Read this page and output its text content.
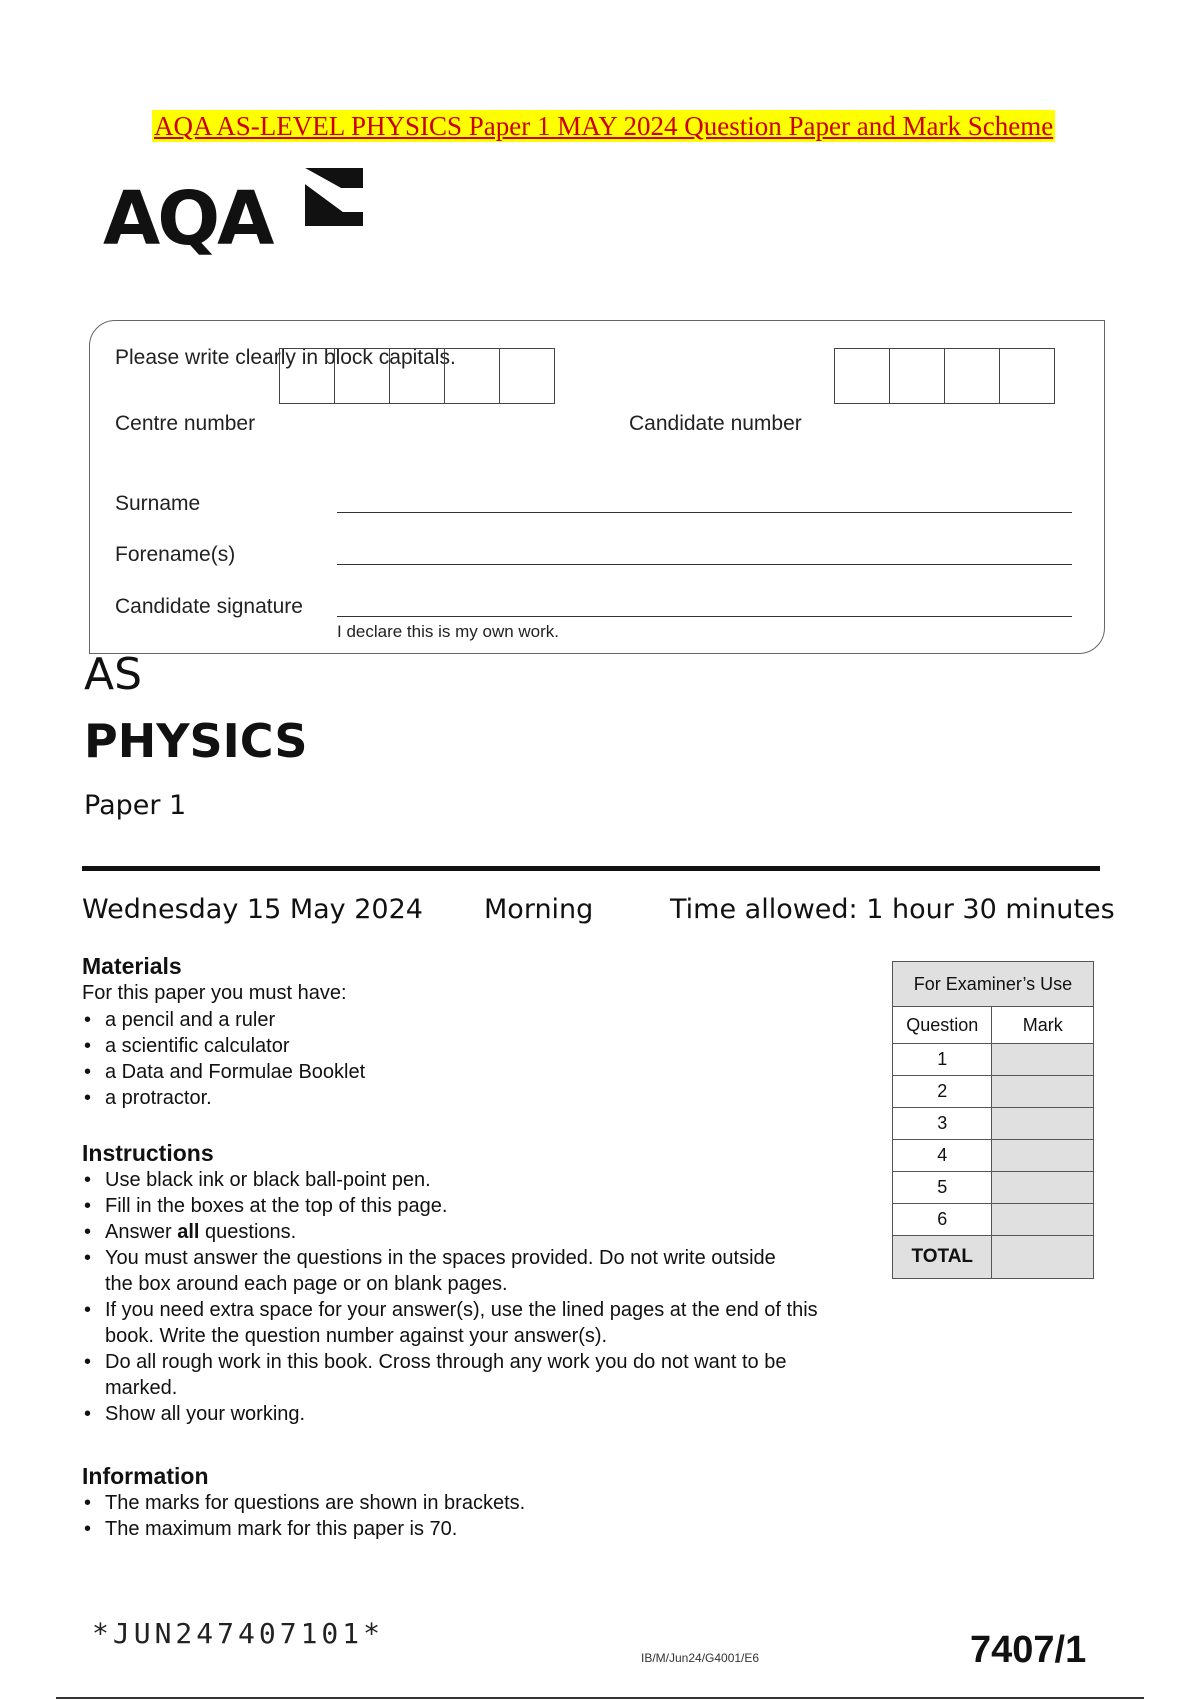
AQA AS-LEVEL PHYSICS Paper 1 MAY 2024 Question Paper and Mark Scheme
AQA
Please write clearly in block capitals.
Centre number	Candidate number
Surname
Forename(s)
Candidate signature
I declare this is my own work.
AS
PHYSICS
Paper 1
Wednesday 15 May 2024 Morning	Time allowed: 1 hour 30 minutes
Materials
For this paper you must have:
• a pencil and a ruler
• a scientific calculator
• a Data and Formulae Booklet
• a protractor.
Instructions
• Use black ink or black ball-point pen.
• Fill in the boxes at the top of this page.
• Answer all questions.
• You must answer the questions in the spaces provided. Do not write outside the box around each page or on blank pages.
• If you need extra space for your answer(s), use the lined pages at the end of this book. Write the question number against your answer(s).
• Do all rough work in this book. Cross through any work you do not want to be marked.
• Show all your working.
Information
• The marks for questions are shown in brackets.
• The maximum mark for this paper is 70.
For Examiner’s Use	
Question	Mark
1	
2	
3	
4	
5	
6	
TOTAL	
*JUN247407101*
IB/M/Jun24/G4001/E6	7407/1
